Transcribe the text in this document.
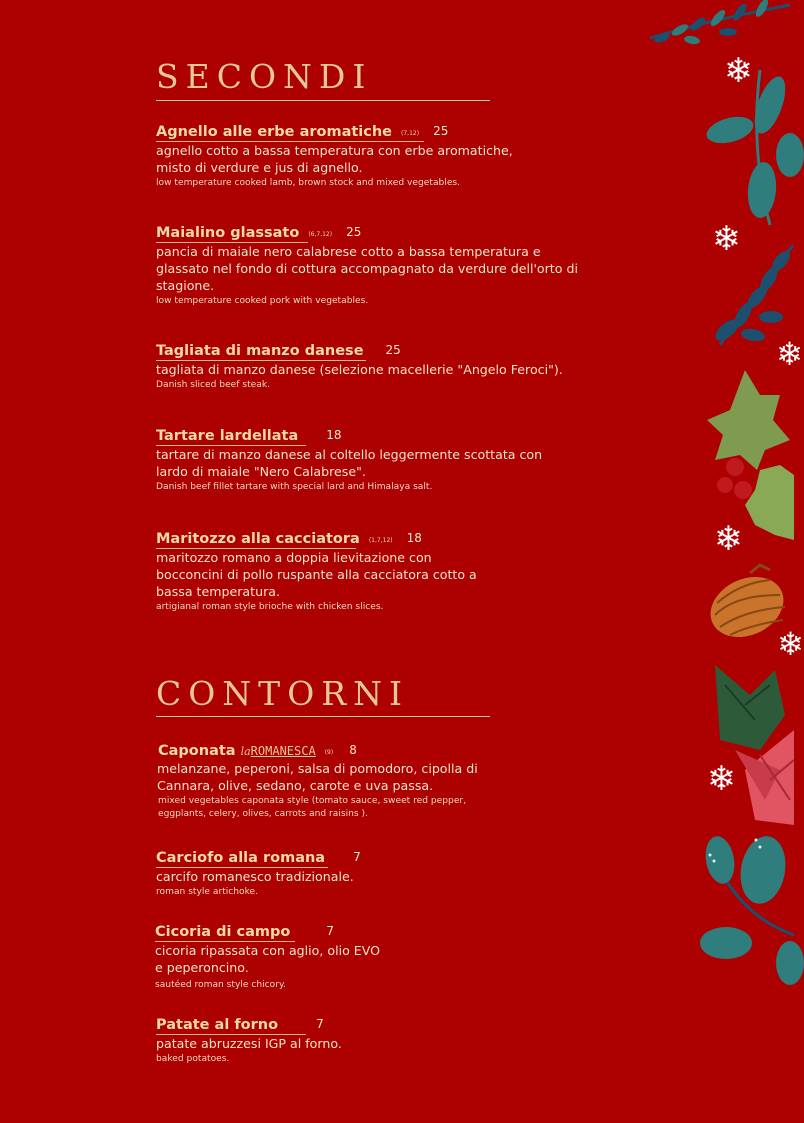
SECONDI
Agnello alle erbe aromatiche (7,12) 25
agnello cotto a bassa temperatura con erbe aromatiche, misto di verdure e jus di agnello.
low temperature cooked lamb, brown stock and mixed vegetables.
Maialino glassato (6,7,12) 25
pancia di maiale nero calabrese cotto a bassa temperatura e glassato nel fondo di cottura accompagnato da verdure dell'orto di stagione.
low temperature cooked pork with vegetables.
Tagliata di manzo danese 25
tagliata di manzo danese (selezione macellerie "Angelo Feroci").
Danish sliced beef steak.
Tartare lardellata 18
tartare di manzo danese al coltello leggermente scottata con lardo di maiale "Nero Calabrese".
Danish beef fillet tartare with special lard and Himalaya salt.
Maritozzo alla cacciatora (1,7,12) 18
maritozzo romano a doppia lievitazione con bocconcini di pollo ruspante alla cacciatora cotto a bassa temperatura.
artigianal roman style brioche with chicken slices.
CONTORNI
Caponata laROMANESCA (9) 8
melanzane, peperoni, salsa di pomodoro, cipolla di Cannara, olive, sedano, carote e uva passa.
mixed vegetables caponata style (tomato sauce, sweet red pepper, eggplants, celery, olives, carrots and raisins ).
Carciofo alla romana 7
carcifo romanesco tradizionale.
roman style artichoke.
Cicoria di campo	7
cicoria ripassata con aglio, olio EVO e peperoncino.
sautéed roman style chicory.
Patate al forno	7
patate abruzzesi IGP al forno.
baked potatoes.
❄
❄
❄
❄
❄
❄
